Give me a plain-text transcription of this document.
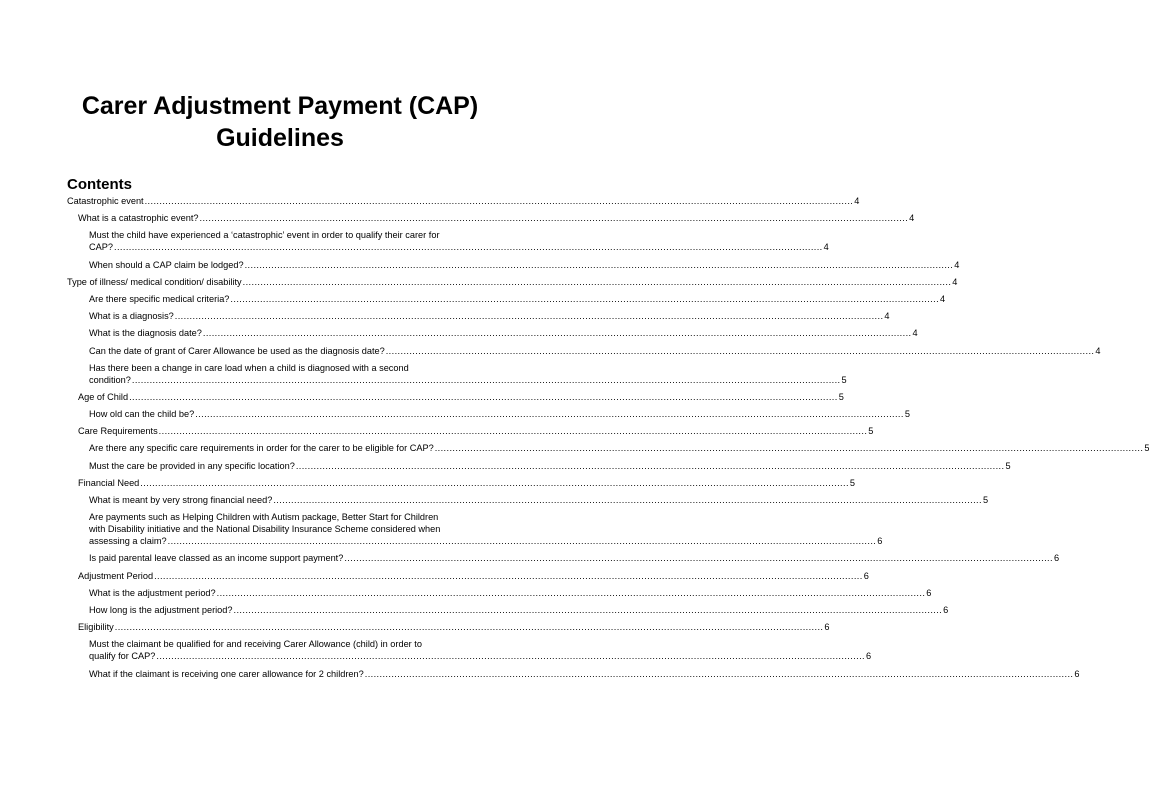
Carer Adjustment Payment (CAP)
Guidelines
Contents
Catastrophic event .....	4
What is a catastrophic event? .....	4
Must the child have experienced a ‘catastrophic’ event in order to qualify their carer for
CAP? .....	4
When should a CAP claim be lodged? .....	4
Type of illness/ medical condition/ disability .....	4
Are there specific medical criteria? .....	4
What is a diagnosis? .....	4
What is the diagnosis date? .....	4
Can the date of grant of Carer Allowance be used as the diagnosis date? .....	4
Has there been a change in care load when a child is diagnosed with a second
condition? .....	5
Age of Child .....	5
How old can the child be? .....	5
Care Requirements .....	5
Are there any specific care requirements in order for the carer to be eligible for CAP? .....	5
Must the care be provided in any specific location? .....	5
Financial Need .....	5
What is meant by very strong financial need? .....	5
Are payments such as Helping Children with Autism package, Better Start for Children
with Disability initiative and the National Disability Insurance Scheme considered when
assessing a claim? .....	6
Is paid parental leave classed as an income support payment? .....	6
Adjustment Period .....	6
What is the adjustment period? .....	6
How long is the adjustment period? .....	6
Eligibility .....	6
Must the claimant be qualified for and receiving Carer Allowance (child) in order to
qualify for CAP? .....	6
What if the claimant is receiving one carer allowance for 2 children? .....	6
